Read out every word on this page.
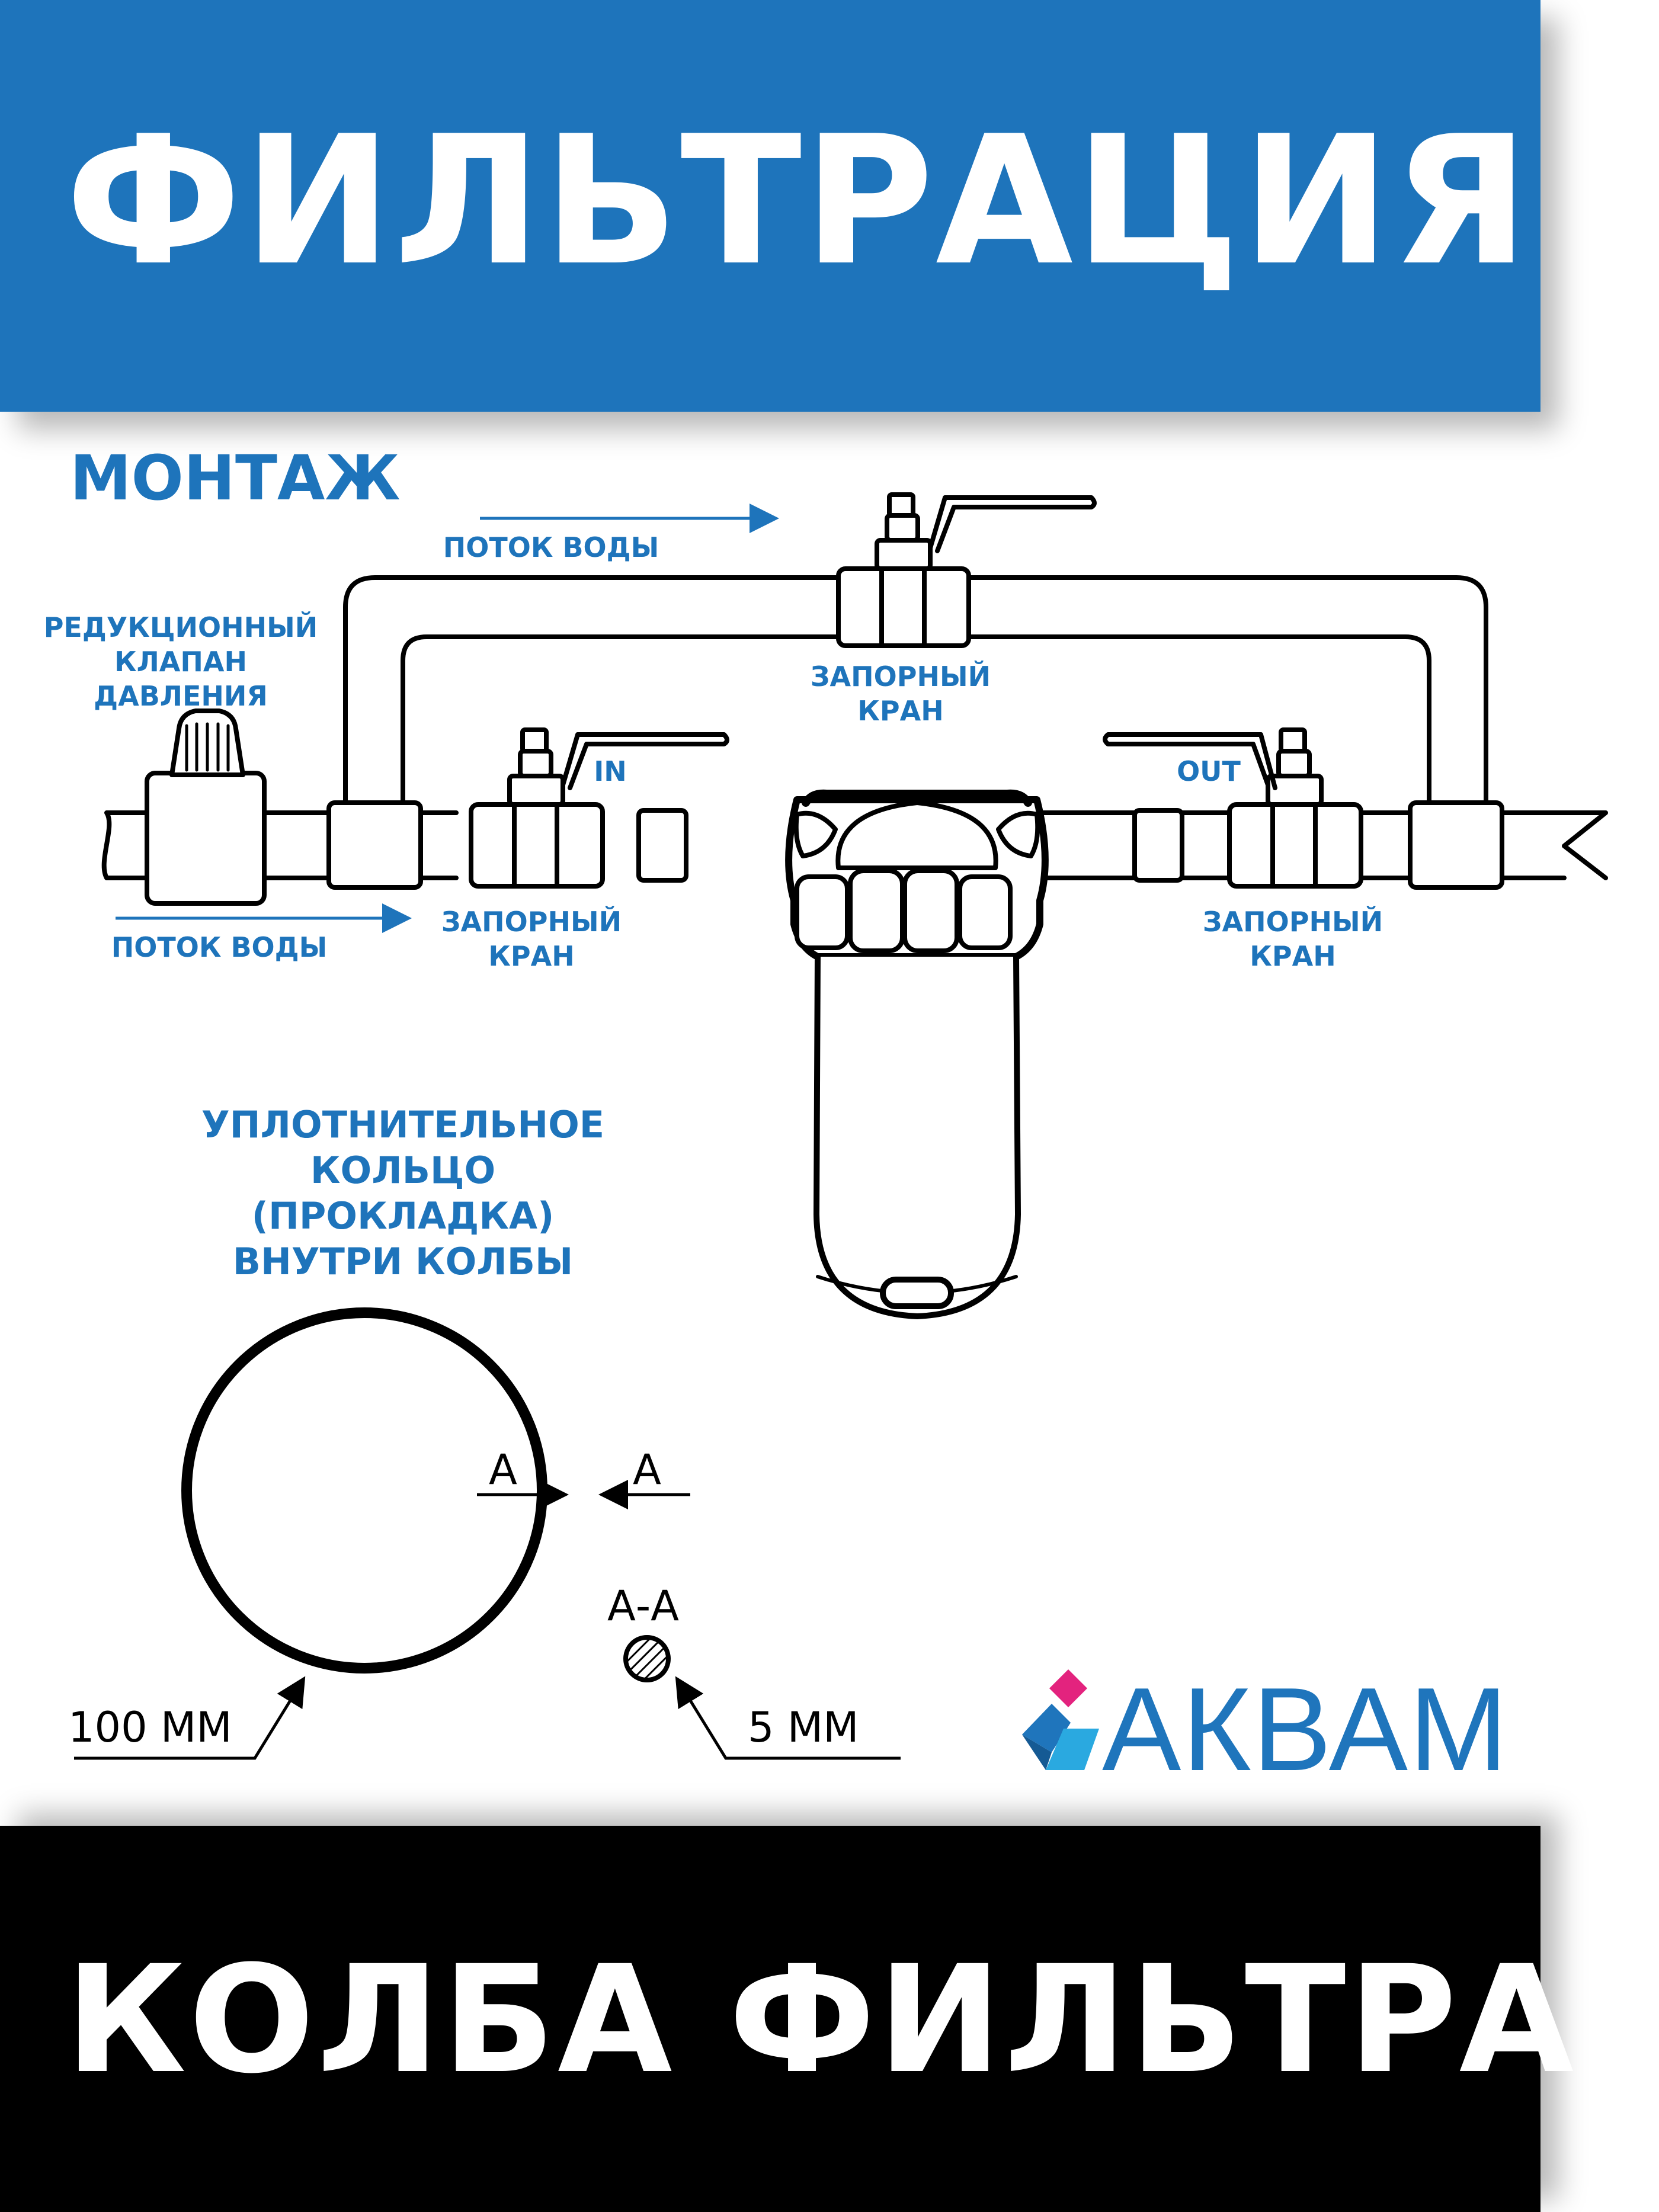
ФИЛЬТРАЦИЯ
МОНТАЖ
ПОТОК ВОДЫ
ПОТОК ВОДЫ
РЕДУКЦИОННЫЙ
КЛАПАН
ДАВЛЕНИЯ
ЗАПОРНЫЙ
КРАН
ЗАПОРНЫЙ
КРАН
ЗАПОРНЫЙ
КРАН
IN	OUT
УПЛОТНИТЕЛЬНОЕ
КОЛЬЦО
(ПРОКЛАДКА)
ВНУТРИ КОЛБЫ
А	А
А-А
100 ММ	5 ММ АКВАМ
КОЛБА ФИЛЬТРА
